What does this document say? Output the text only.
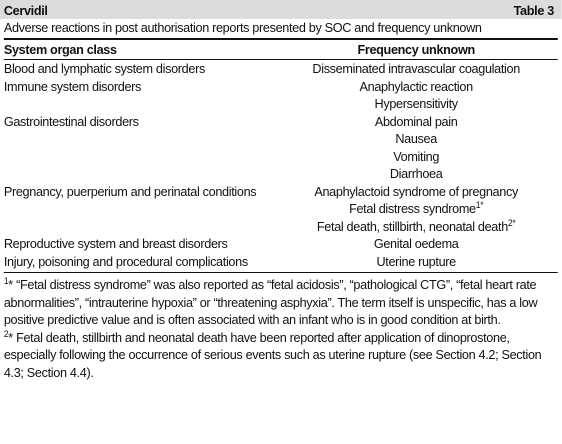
Cervidil	Table 3
Adverse reactions in post authorisation reports presented by SOC and frequency unknown
System organ class	Frequency unknown

Blood and lymphatic system disorders	Disseminated intravascular coagulation

Immune system disorders	Anaphylactic reaction
Hypersensitivity

Gastrointestinal disorders	Abdominal pain
Nausea
Vomiting
Diarrhoea

Pregnancy, puerperium and perinatal conditions	Anaphylactoid syndrome of pregnancy
Fetal distress syndrome$^{1*}$
Fetal death, stillbirth, neonatal death$^{2*}$

Reproductive system and breast disorders	Genital oedema

Injury, poisoning and procedural complications	Uterine rupture
$^1$* “Fetal distress syndrome” was also reported as “fetal acidosis”, “pathological CTG”, “fetal heart rate abnormalities”, “intrauterine hypoxia” or “threatening asphyxia”. The term itself is unspecific, has a low positive predictive value and is often associated with an infant who is in good condition at birth.
$^2$* Fetal death, stillbirth and neonatal death have been reported after application of dinoprostone, especially following the occurrence of serious events such as uterine rupture (see Section 4.2; Section 4.3; Section 4.4).
